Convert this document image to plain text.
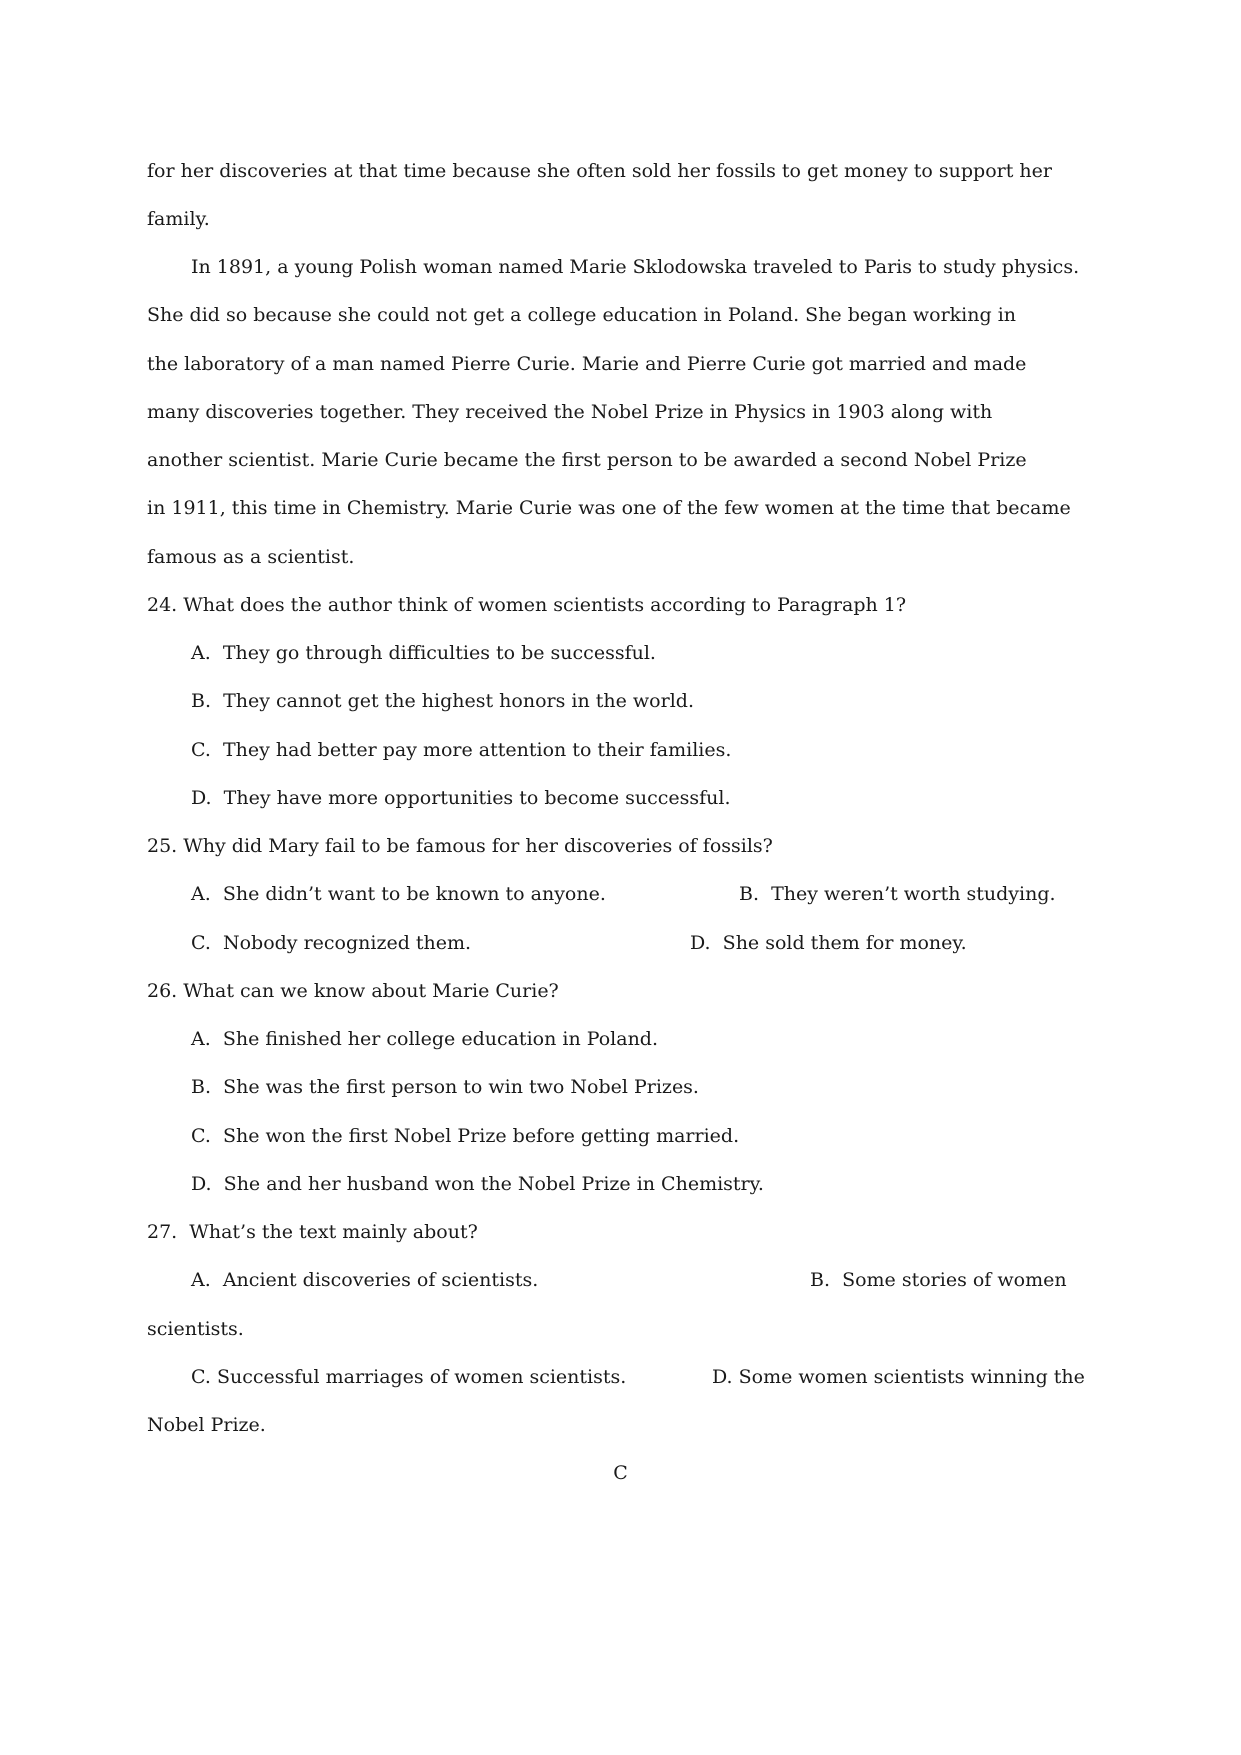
for her discoveries at that time because she often sold her fossils to get money to support her
family.
In 1891, a young Polish woman named Marie Sklodowska traveled to Paris to study physics.
She did so because she could not get a college education in Poland. She began working in
the laboratory of a man named Pierre Curie. Marie and Pierre Curie got married and made
many discoveries together. They received the Nobel Prize in Physics in 1903 along with
another scientist. Marie Curie became the first person to be awarded a second Nobel Prize
in 1911, this time in Chemistry. Marie Curie was one of the few women at the time that became
famous as a scientist.
24. What does the author think of women scientists according to Paragraph 1?
A.  They go through difficulties to be successful.
B.  They cannot get the highest honors in the world.
C.  They had better pay more attention to their families.
D.  They have more opportunities to become successful.
25. Why did Mary fail to be famous for her discoveries of fossils?
A.  She didn’t want to be known to anyone.	B.  They weren’t worth studying.
C.  Nobody recognized them.	D.  She sold them for money.
26. What can we know about Marie Curie?
A.  She finished her college education in Poland.
B.  She was the first person to win two Nobel Prizes.
C.  She won the first Nobel Prize before getting married.
D.  She and her husband won the Nobel Prize in Chemistry.
27.  What’s the text mainly about?
A.  Ancient discoveries of scientists.	B.  Some stories of women
scientists.
C. Successful marriages of women scientists.	D. Some women scientists winning the
Nobel Prize.
C
